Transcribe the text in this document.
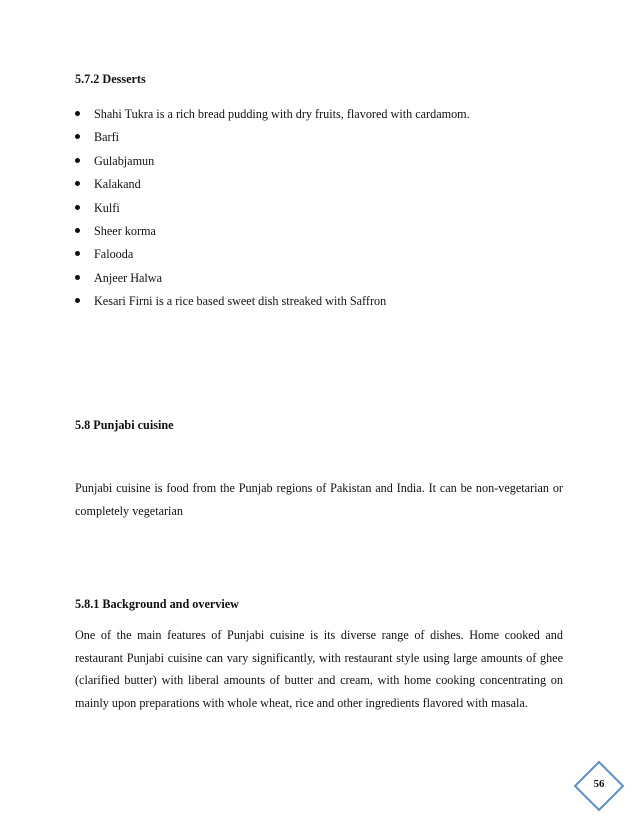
5.7.2 Desserts
Shahi Tukra is a rich bread pudding with dry fruits, flavored with cardamom.
Barfi
Gulabjamun
Kalakand
Kulfi
Sheer korma
Falooda
Anjeer Halwa
Kesari Firni is a rice based sweet dish streaked with Saffron
5.8 Punjabi cuisine

Punjabi cuisine is food from the Punjab regions of Pakistan and India. It can be non-vegetarian or completely vegetarian

5.8.1 Background and overview

One of the main features of Punjabi cuisine is its diverse range of dishes. Home cooked and restaurant Punjabi cuisine can vary significantly, with restaurant style using large amounts of ghee (clarified butter) with liberal amounts of butter and cream, with home cooking concentrating on mainly upon preparations with whole wheat, rice and other ingredients flavored with masala.

56
